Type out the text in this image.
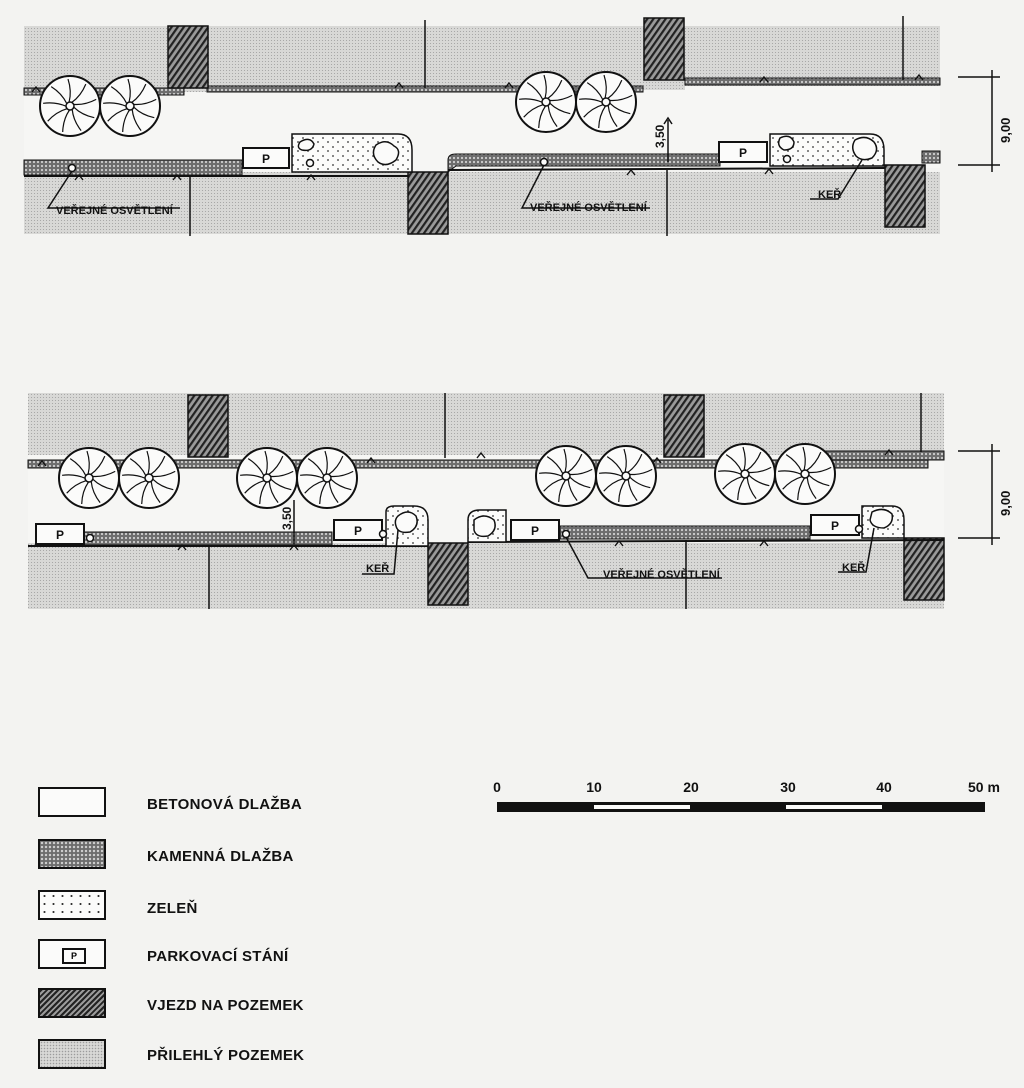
P	P
3,50	9,00
VEŘEJNÉ OSVĚTLENÍ	VEŘEJNÉ OSVĚTLENÍ
KEŘ
P	P	P	P
3,50
9,00
KEŘ	VEŘEJNÉ OSVĚTLENÍ
KEŘ
0	10	20	30	40	50 m
BETONOVÁ DLAŽBA
KAMENNÁ DLAŽBA
ZELEŇ
P	PARKOVACÍ STÁNÍ
VJEZD NA POZEMEK
PŘILEHLÝ POZEMEK
